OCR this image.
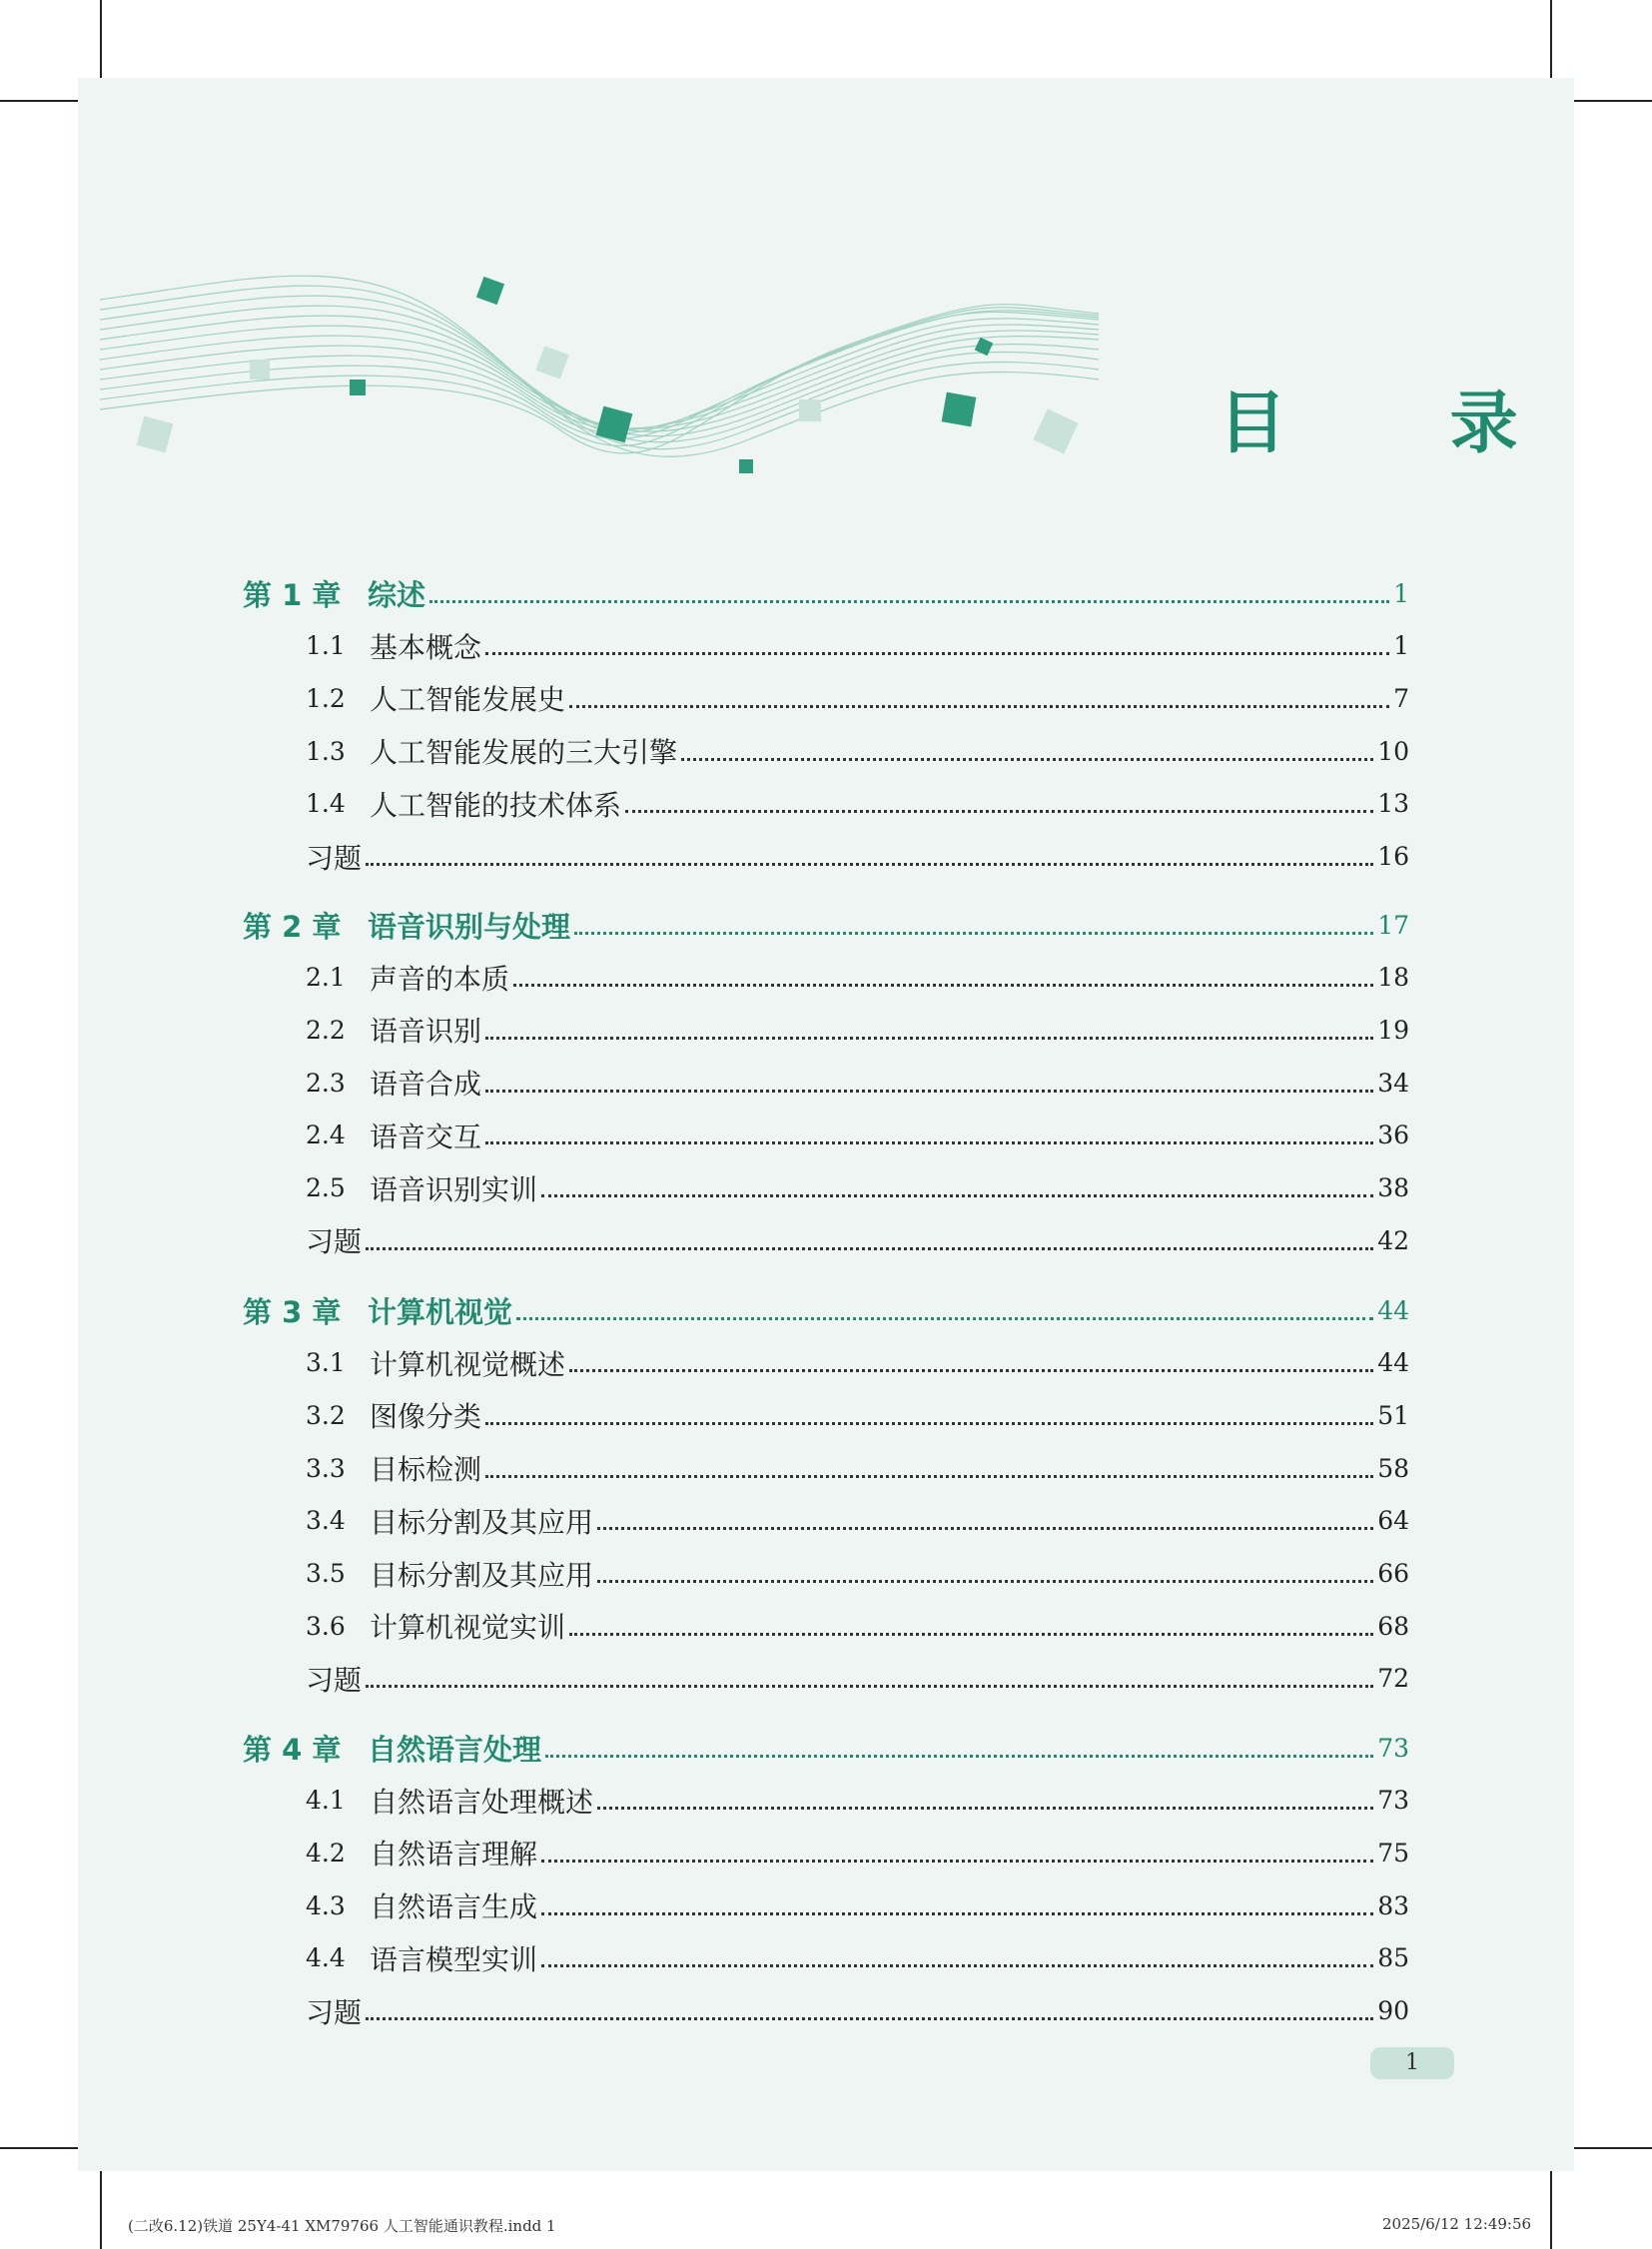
目 录
第 1 章 综述	1
1.1 基本概念	1
1.2 人工智能发展史	7
1.3 人工智能发展的三大引擎	10
1.4 人工智能的技术体系	13
习题	16
第 2 章 语音识别与处理	17
2.1 声音的本质	18
2.2 语音识别	19
2.3 语音合成	34
2.4 语音交互	36
2.5 语音识别实训	38
习题	42
第 3 章 计算机视觉	44
3.1 计算机视觉概述	44
3.2 图像分类	51
3.3 目标检测	58
3.4 目标分割及其应用	64
3.5 目标分割及其应用	66
3.6 计算机视觉实训	68
习题	72
第 4 章 自然语言处理	73
4.1 自然语言处理概述	73
4.2 自然语言理解	75
4.3 自然语言生成	83
4.4 语言模型实训	85
习题	90
1
(二改6.12)铁道 25Y4-41 XM79766 人工智能通识教程.indd 1	2025/6/12 12:49:56
